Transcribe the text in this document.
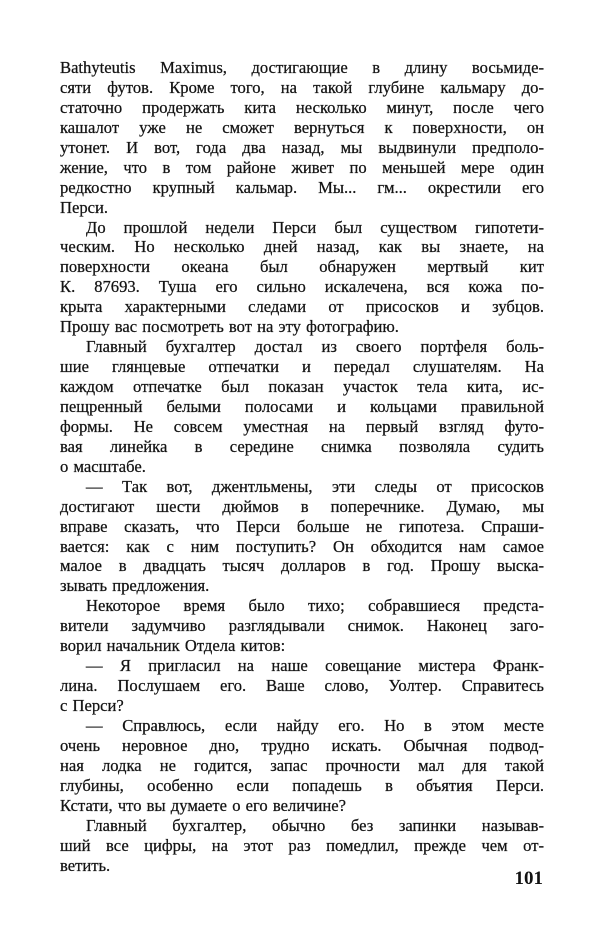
Bathyteutis Maximus, достигающие в длину восьмиде-
сяти футов. Кроме того, на такой глубине кальмару до-
статочно продержать кита несколько минут, после чего
кашалот уже не сможет вернуться к поверхности, он
утонет. И вот, года два назад, мы выдвинули предполо-
жение, что в том районе живет по меньшей мере один
редкостно крупный кальмар. Мы... гм... окрестили его
Перси.
До прошлой недели Перси был существом гипотети-
ческим. Но несколько дней назад, как вы знаете, на
поверхности океана был обнаружен мертвый кит
К. 87693. Туша его сильно искалечена, вся кожа по-
крыта характерными следами от присосков и зубцов.
Прошу вас посмотреть вот на эту фотографию.
Главный бухгалтер достал из своего портфеля боль-
шие глянцевые отпечатки и передал слушателям. На
каждом отпечатке был показан участок тела кита, ис-
пещренный белыми полосами и кольцами правильной
формы. Не совсем уместная на первый взгляд футо-
вая линейка в середине снимка позволяла судить
о масштабе.
— Так вот, джентльмены, эти следы от присосков
достигают шести дюймов в поперечнике. Думаю, мы
вправе сказать, что Перси больше не гипотеза. Спраши-
вается: как с ним поступить? Он обходится нам самое
малое в двадцать тысяч долларов в год. Прошу выска-
зывать предложения.
Некоторое время было тихо; собравшиеся предста-
вители задумчиво разглядывали снимок. Наконец заго-
ворил начальник Отдела китов:
— Я пригласил на наше совещание мистера Франк-
лина. Послушаем его. Ваше слово, Уолтер. Справитесь
с Перси?
— Справлюсь, если найду его. Но в этом месте
очень неровное дно, трудно искать. Обычная подвод-
ная лодка не годится, запас прочности мал для такой
глубины, особенно если попадешь в объятия Перси.
Кстати, что вы думаете о его величине?
Главный бухгалтер, обычно без запинки называв-
ший все цифры, на этот раз помедлил, прежде чем от-
ветить.
101
